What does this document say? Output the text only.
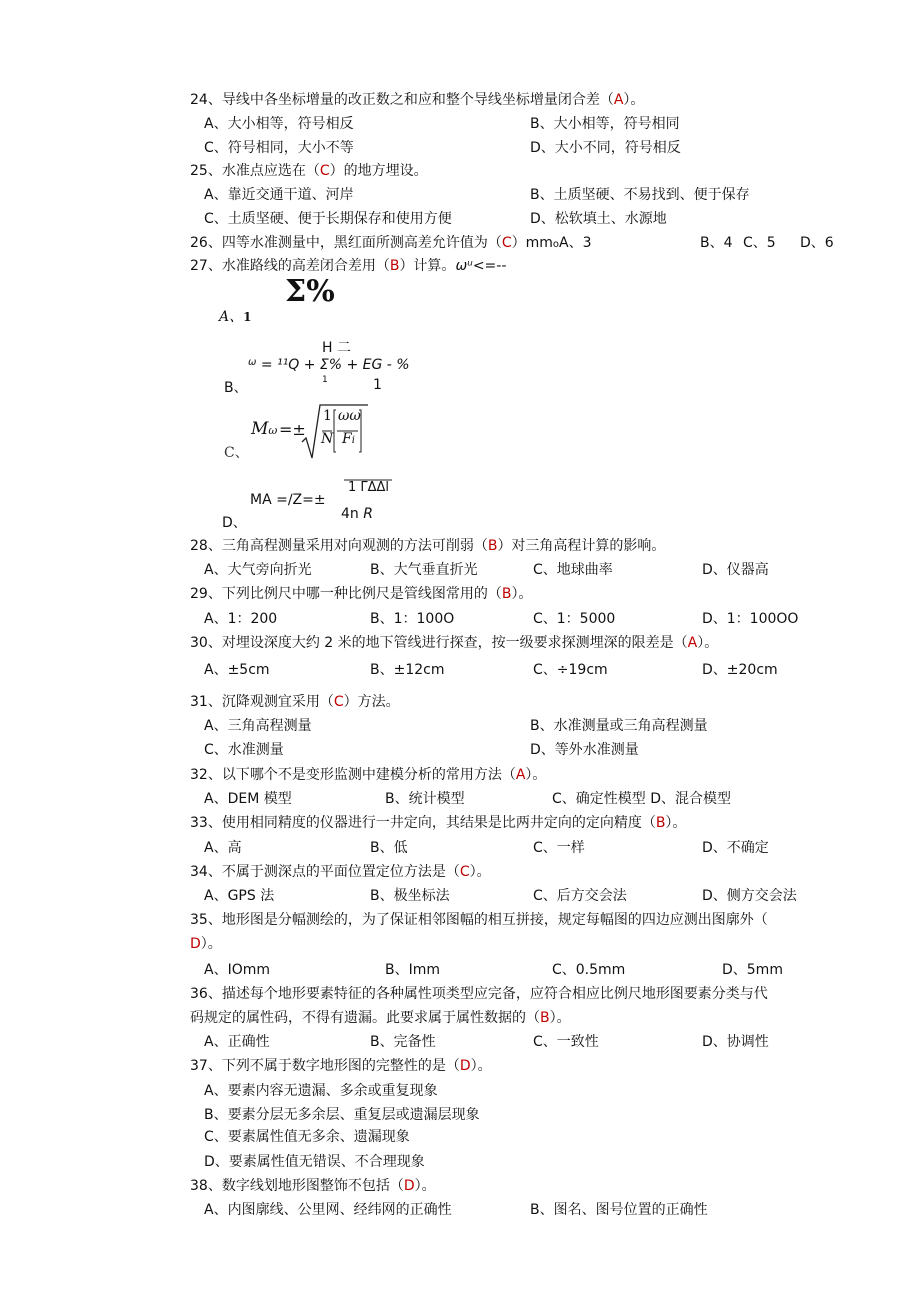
24、导线中各坐标增量的改正数之和应和整个导线坐标增量闭合差（A）。
A、大小相等，符号相反	B、大小相等，符号相同
C、符号相同，大小不等	D、大小不同，符号相反
25、水准点应选在（C）的地方埋设。
A、靠近交通干道、河岸	B、土质坚硬、不易找到、便于保存
C、土质坚硬、便于长期保存和使用方便	D、松软填土、水源地
26、四等水准测量中，黑红面所测高差允许值为（C）mmoA、3	B、4 C、5 D、6
27、水准路线的高差闭合差用（B）计算。ωᵘ<=--
Σ%
A、1
H 二
$^\omega$ = ¹¹Q + Σ% + EG - %
B、	1	1
C、
Mω =±
1
N
ωω
Fi
1 ΓΔΔl
MA =∕Z=±
4n R
D、
28、三角高程测量采用对向观测的方法可削弱（B）对三角高程计算的影响。
A、大气旁向折光	B、大气垂直折光	C、地球曲率	D、仪器高
29、下列比例尺中哪一种比例尺是管线图常用的（B）。
A、1：200	B、1：100O	C、1：5000	D、1：100OO
30、对埋设深度大约 2 米的地下管线进行探查，按一级要求探测埋深的限差是（A）。
A、±5cm	B、±12cm	C、÷19cm	D、±20cm
31、沉降观测宜采用（C）方法。
A、三角高程测量	B、水准测量或三角高程测量
C、水准测量	D、等外水准测量
32、以下哪个不是变形监测中建模分析的常用方法（A）。
A、DEM 模型	B、统计模型	C、确定性模型 D、混合模型
33、使用相同精度的仪器进行一井定向，其结果是比两井定向的定向精度（B）。
A、高	B、低	C、一样	D、不确定
34、不属于测深点的平面位置定位方法是（C）。
A、GPS 法	B、极坐标法	C、后方交会法	D、侧方交会法
35、地形图是分幅测绘的，为了保证相邻图幅的相互拼接，规定每幅图的四边应测出图廓外（
D）。
A、IOmm	B、Imm	C、0.5mm	D、5mm
36、描述每个地形要素特征的各种属性项类型应完备，应符合相应比例尺地形图要素分类与代
码规定的属性码，不得有遗漏。此要求属于属性数据的（B）。
A、正确性	B、完备性	C、一致性	D、协调性
37、下列不属于数字地形图的完整性的是（D）。
A、要素内容无遗漏、多余或重复现象
B、要素分层无多余层、重复层或遗漏层现象
C、要素属性值无多余、遗漏现象
D、要素属性值无错误、不合理现象
38、数字线划地形图整饰不包括（D）。
A、内图廓线、公里网、经纬网的正确性	B、图名、图号位置的正确性
